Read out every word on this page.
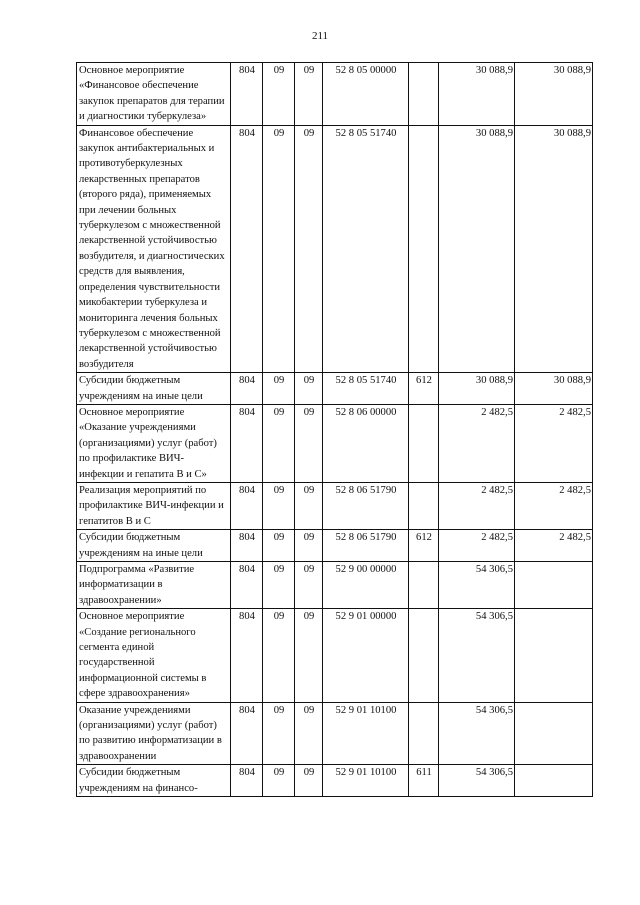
211
Основное мероприятие «Финансовое обеспечение закупок препаратов для терапии и диагностики туберкулеза»	804	09	09	52 8 05 00000		30 088,9	30 088,9
Финансовое обеспечение закупок антибактериальных и противотуберкулезных лекарственных препаратов (второго ряда), применяемых при лечении больных туберкулезом с множественной лекарственной устойчивостью возбудителя, и диагностических средств для выявления, определения чувствительности микобактерии туберкулеза и мониторинга лечения больных туберкулезом с множественной лекарственной устойчивостью возбудителя	804	09	09	52 8 05 51740		30 088,9	30 088,9
Субсидии бюджетным учреждениям на иные цели	804	09	09	52 8 05 51740	612	30 088,9	30 088,9
Основное мероприятие «Оказание учреждениями (организациями) услуг (работ) по профилактике ВИЧ-инфекции и гепатита В и С»	804	09	09	52 8 06 00000		2 482,5	2 482,5
Реализация мероприятий по профилактике ВИЧ-инфекции и гепатитов В и С	804	09	09	52 8 06 51790		2 482,5	2 482,5
Субсидии бюджетным учреждениям на иные цели	804	09	09	52 8 06 51790	612	2 482,5	2 482,5
Подпрограмма «Развитие информатизации в здравоохранении»	804	09	09	52 9 00 00000		54 306,5	
Основное мероприятие «Создание регионального сегмента единой государственной информационной системы в сфере здравоохранения»	804	09	09	52 9 01 00000		54 306,5	
Оказание учреждениями (организациями) услуг (работ) по развитию информатизации в здравоохранении	804	09	09	52 9 01 10100		54 306,5	
Субсидии бюджетным учреждениям на финансо-	804	09	09	52 9 01 10100	611	54 306,5	
